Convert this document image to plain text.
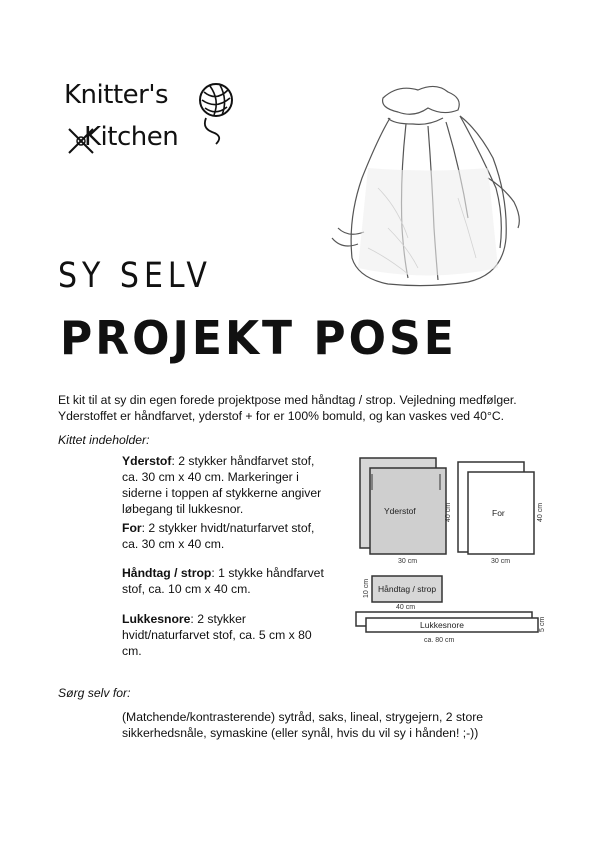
Knitter's
Kitchen
SY SELV
PROJEKT POSE
Et kit til at sy din egen forede projektpose med håndtag / strop. Vejledning medfølger.
Yderstoffet er håndfarvet, yderstof + for er 100% bomuld, og kan vaskes ved 40°C.
Kittet indeholder:
Yderstof: 2 stykker håndfarvet stof, ca. 30 cm x 40 cm. Markeringer i siderne i toppen af stykkerne angiver løbegang til lukkesnor.
For: 2 stykker hvidt/naturfarvet stof, ca. 30 cm x 40 cm.
Håndtag / strop: 1 stykke håndfarvet stof, ca. 10 cm x 40 cm.
Lukkesnore: 2 stykker hvidt/naturfarvet stof, ca. 5 cm x 80 cm.
Yderstof
30 cm
40 cm	For
30 cm
40 cm
Håndtag / strop
40 cm
10 cm
Lukkesnore
ca. 80 cm
5 cm
Sørg selv for:
(Matchende/kontrasterende) sytråd, saks, lineal, strygejern, 2 store
sikkerhedsnåle, symaskine (eller synål, hvis du vil sy i hånden! ;-))
